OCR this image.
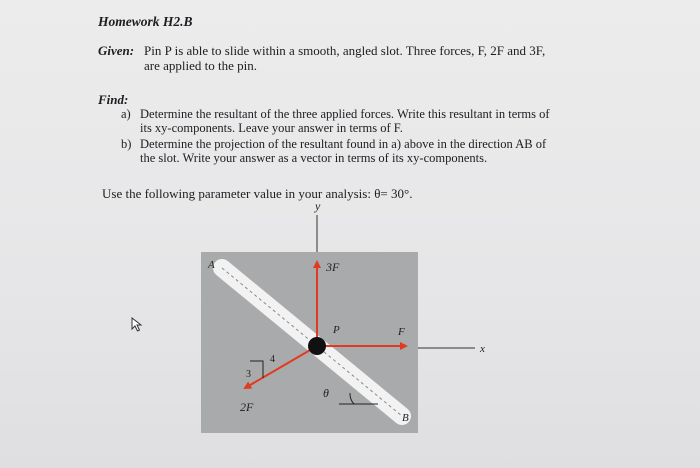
Homework H2.B
Given: Pin P is able to slide within a smooth, angled slot. Three forces, F, 2F and 3F,
are applied to the pin.
Find:
a) Determine the resultant of the three applied forces. Write this resultant in terms of
its xy-components. Leave your answer in terms of F.
b) Determine the projection of the resultant found in a) above in the direction AB of
the slot. Write your answer as a vector in terms of its xy-components.
Use the following parameter value in your analysis: θ= 30°.
y
x
A
B
P
3F
F
2F
θ
3
4
